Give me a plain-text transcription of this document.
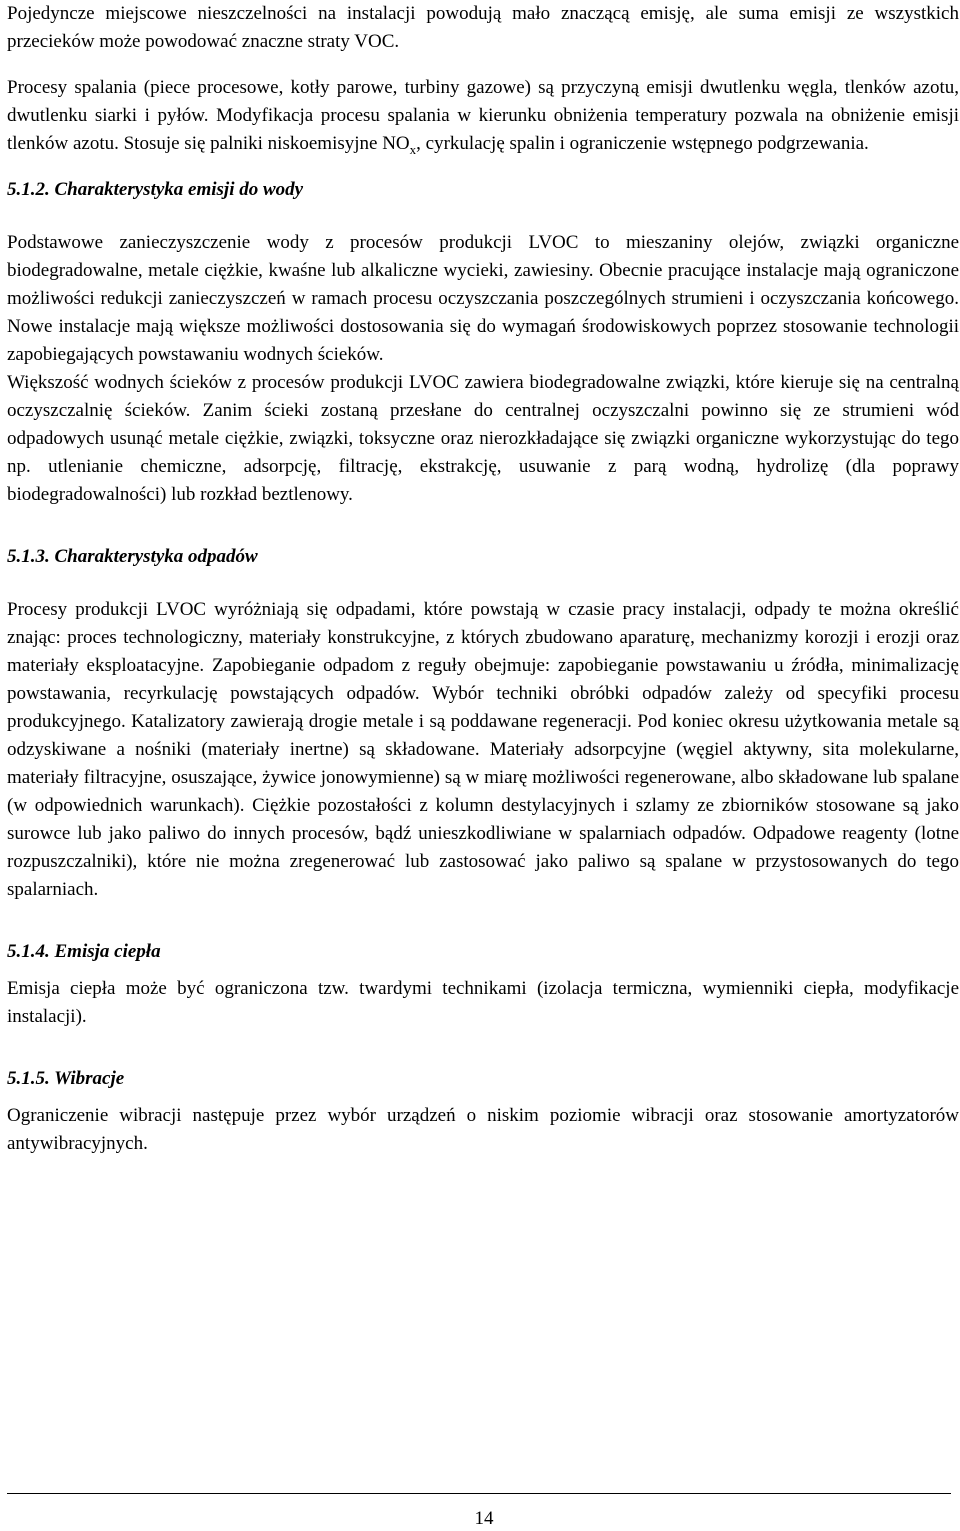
Pojedyncze miejscowe nieszczelności na instalacji powodują mało znaczącą emisję, ale suma emisji ze wszystkich przecieków może powodować znaczne straty VOC.

Procesy spalania (piece procesowe, kotły parowe, turbiny gazowe) są przyczyną emisji dwutlenku węgla, tlenków azotu, dwutlenku siarki i pyłów. Modyfikacja procesu spalania w kierunku obniżenia temperatury pozwala na obniżenie emisji tlenków azotu. Stosuje się palniki niskoemisyjne $NO_x$, cyrkulację spalin i ograniczenie wstępnego podgrzewania.

5.1.2. Charakterystyka emisji do wody

Podstawowe zanieczyszczenie wody z procesów produkcji LVOC to mieszaniny olejów, związki organiczne biodegradowalne, metale ciężkie, kwaśne lub alkaliczne wycieki, zawiesiny. Obecnie pracujące instalacje mają ograniczone możliwości redukcji zanieczyszczeń w ramach procesu oczyszczania poszczególnych strumieni i oczyszczania końcowego. Nowe instalacje mają większe możliwości dostosowania się do wymagań środowiskowych poprzez stosowanie technologii zapobiegających powstawaniu wodnych ścieków.

Większość wodnych ścieków z procesów produkcji LVOC zawiera biodegradowalne związki, które kieruje się na centralną oczyszczalnię ścieków. Zanim ścieki zostaną przesłane do centralnej oczyszczalni powinno się ze strumieni wód odpadowych usunąć metale ciężkie, związki, toksyczne oraz nierozkładające się związki organiczne wykorzystując do tego np. utlenianie chemiczne, adsorpcję, filtrację, ekstrakcję, usuwanie z parą wodną, hydrolizę (dla poprawy biodegradowalności) lub rozkład beztlenowy.

5.1.3. Charakterystyka odpadów

Procesy produkcji LVOC wyróżniają się odpadami, które powstają w czasie pracy instalacji, odpady te można określić znając: proces technologiczny, materiały konstrukcyjne, z których zbudowano aparaturę, mechanizmy korozji i erozji oraz materiały eksploatacyjne. Zapobieganie odpadom z reguły obejmuje: zapobieganie powstawaniu u źródła, minimalizację powstawania, recyrkulację powstających odpadów. Wybór techniki obróbki odpadów zależy od specyfiki procesu produkcyjnego. Katalizatory zawierają drogie metale i są poddawane regeneracji. Pod koniec okresu użytkowania metale są odzyskiwane a nośniki (materiały inertne) są składowane. Materiały adsorpcyjne (węgiel aktywny, sita molekularne, materiały filtracyjne, osuszające, żywice jonowymienne) są w miarę możliwości regenerowane, albo składowane lub spalane (w odpowiednich warunkach). Ciężkie pozostałości z kolumn destylacyjnych i szlamy ze zbiorników stosowane są jako surowce lub jako paliwo do innych procesów, bądź unieszkodliwiane w spalarniach odpadów. Odpadowe reagenty (lotne rozpuszczalniki), które nie można zregenerować lub zastosować jako paliwo są spalane w przystosowanych do tego spalarniach.

5.1.4. Emisja ciepła

Emisja ciepła może być ograniczona tzw. twardymi technikami (izolacja termiczna, wymienniki ciepła, modyfikacje instalacji).

5.1.5. Wibracje

Ograniczenie wibracji następuje przez wybór urządzeń o niskim poziomie wibracji oraz stosowanie amortyzatorów antywibracyjnych.

14
